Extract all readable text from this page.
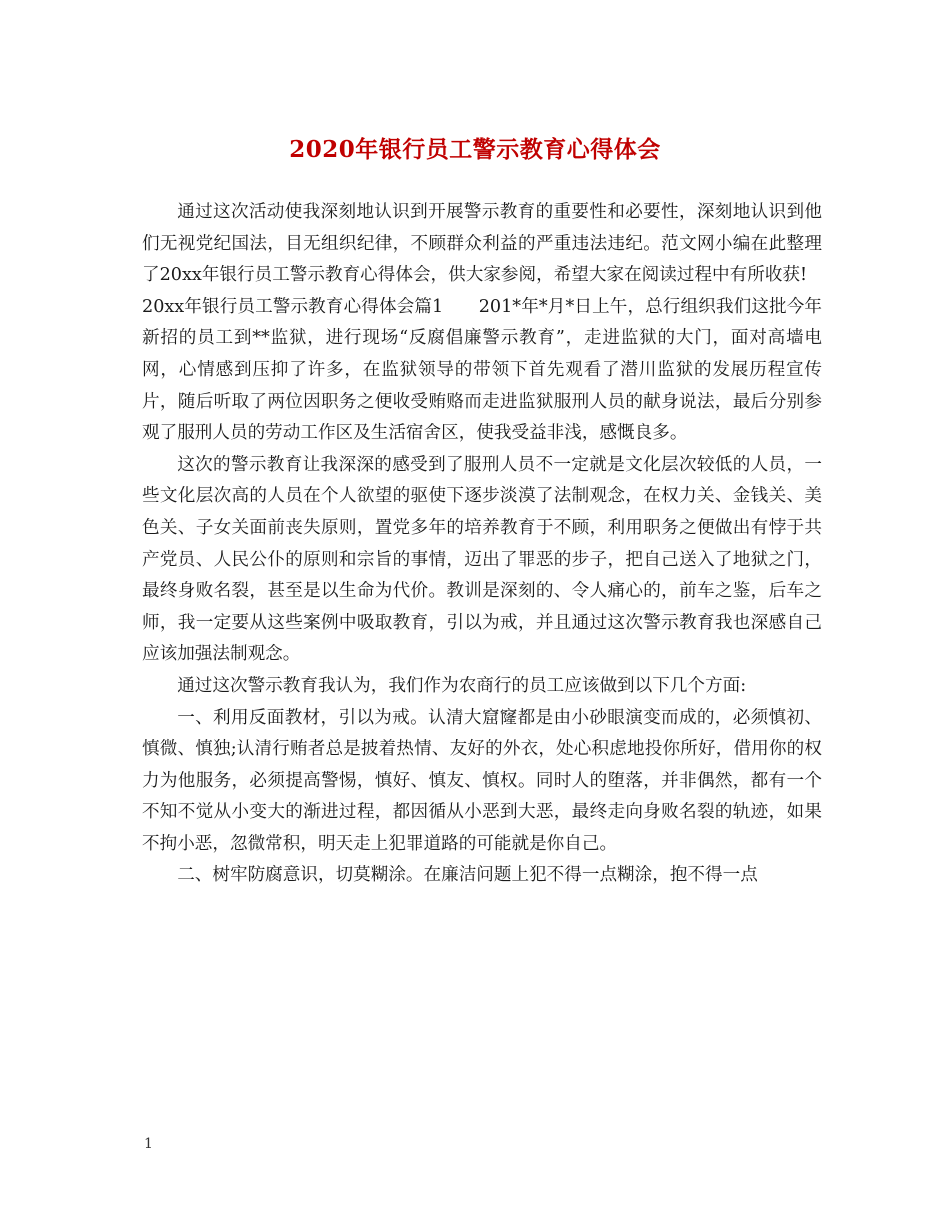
2020年银行员工警示教育心得体会

通过这次活动使我深刻地认识到开展警示教育的重要性和必要性，深刻地认识到他们无视党纪国法，目无组织纪律，不顾群众利益的严重违法违纪。范文网小编在此整理了20xx年银行员工警示教育心得体会，供大家参阅，希望大家在阅读过程中有所收获!

20xx年银行员工警示教育心得体会篇1　　201*年*月*日上午，总行组织我们这批今年新招的员工到**监狱，进行现场“反腐倡廉警示教育”，走进监狱的大门，面对高墙电网，心情感到压抑了许多，在监狱领导的带领下首先观看了潜川监狱的发展历程宣传片，随后听取了两位因职务之便收受贿赂而走进监狱服刑人员的献身说法，最后分别参观了服刑人员的劳动工作区及生活宿舍区，使我受益非浅，感慨良多。

这次的警示教育让我深深的感受到了服刑人员不一定就是文化层次较低的人员，一些文化层次高的人员在个人欲望的驱使下逐步淡漠了法制观念，在权力关、金钱关、美色关、子女关面前丧失原则，置党多年的培养教育于不顾，利用职务之便做出有悖于共产党员、人民公仆的原则和宗旨的事情，迈出了罪恶的步子，把自己送入了地狱之门，最终身败名裂，甚至是以生命为代价。教训是深刻的、令人痛心的，前车之鉴，后车之师，我一定要从这些案例中吸取教育，引以为戒，并且通过这次警示教育我也深感自己应该加强法制观念。

通过这次警示教育我认为，我们作为农商行的员工应该做到以下几个方面:

一、利用反面教材，引以为戒。认清大窟窿都是由小砂眼演变而成的，必须慎初、慎微、慎独;认清行贿者总是披着热情、友好的外衣，处心积虑地投你所好，借用你的权力为他服务，必须提高警惕，慎好、慎友、慎权。同时人的堕落，并非偶然，都有一个不知不觉从小变大的渐进过程，都因循从小恶到大恶，最终走向身败名裂的轨迹，如果不拘小恶，忽微常积，明天走上犯罪道路的可能就是你自己。

二、树牢防腐意识，切莫糊涂。在廉洁问题上犯不得一点糊涂，抱不得一点

1
